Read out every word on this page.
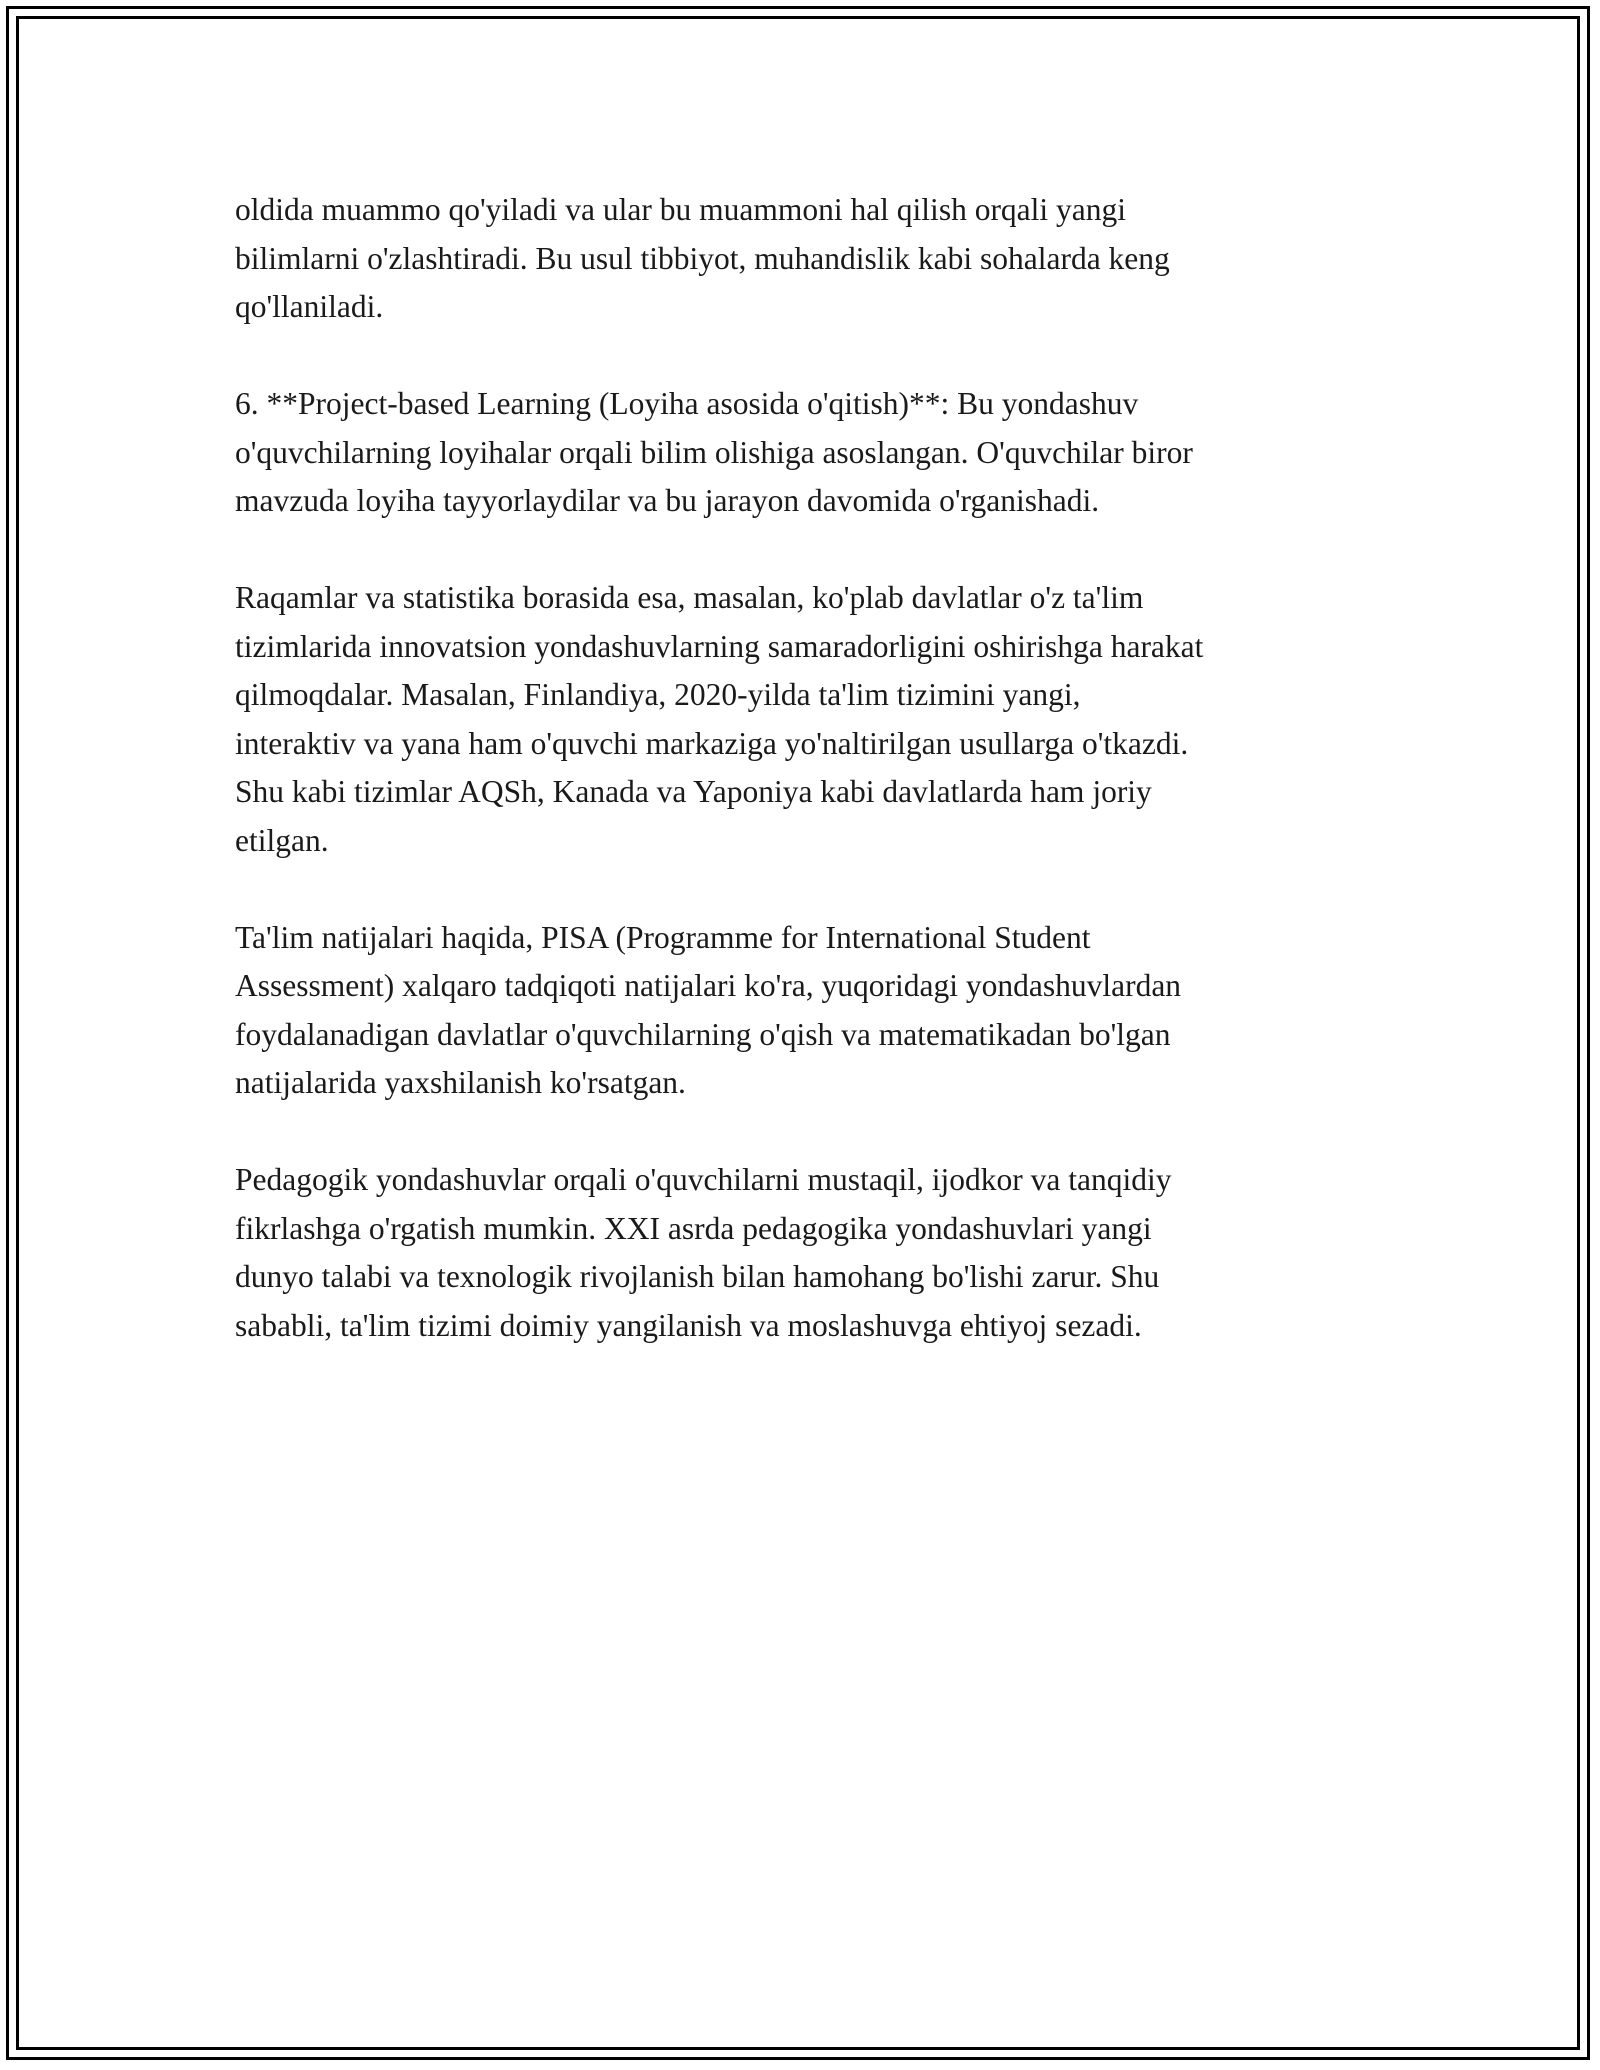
oldida muammo qo'yiladi va ular bu muammoni hal qilish orqali yangi
bilimlarni o'zlashtiradi. Bu usul tibbiyot, muhandislik kabi sohalarda keng
qo'llaniladi.

6. **Project-based Learning (Loyiha asosida o'qitish)**: Bu yondashuv
o'quvchilarning loyihalar orqali bilim olishiga asoslangan. O'quvchilar biror
mavzuda loyiha tayyorlaydilar va bu jarayon davomida o'rganishadi.

Raqamlar va statistika borasida esa, masalan, ko'plab davlatlar o'z ta'lim
tizimlarida innovatsion yondashuvlarning samaradorligini oshirishga harakat
qilmoqdalar. Masalan, Finlandiya, 2020-yilda ta'lim tizimini yangi,
interaktiv va yana ham o'quvchi markaziga yo'naltirilgan usullarga o'tkazdi.
Shu kabi tizimlar AQSh, Kanada va Yaponiya kabi davlatlarda ham joriy
etilgan.

Ta'lim natijalari haqida, PISA (Programme for International Student
Assessment) xalqaro tadqiqoti natijalari ko'ra, yuqoridagi yondashuvlardan
foydalanadigan davlatlar o'quvchilarning o'qish va matematikadan bo'lgan
natijalarida yaxshilanish ko'rsatgan.

Pedagogik yondashuvlar orqali o'quvchilarni mustaqil, ijodkor va tanqidiy
fikrlashga o'rgatish mumkin. XXI asrda pedagogika yondashuvlari yangi
dunyo talabi va texnologik rivojlanish bilan hamohang bo'lishi zarur. Shu
sababli, ta'lim tizimi doimiy yangilanish va moslashuvga ehtiyoj sezadi.
